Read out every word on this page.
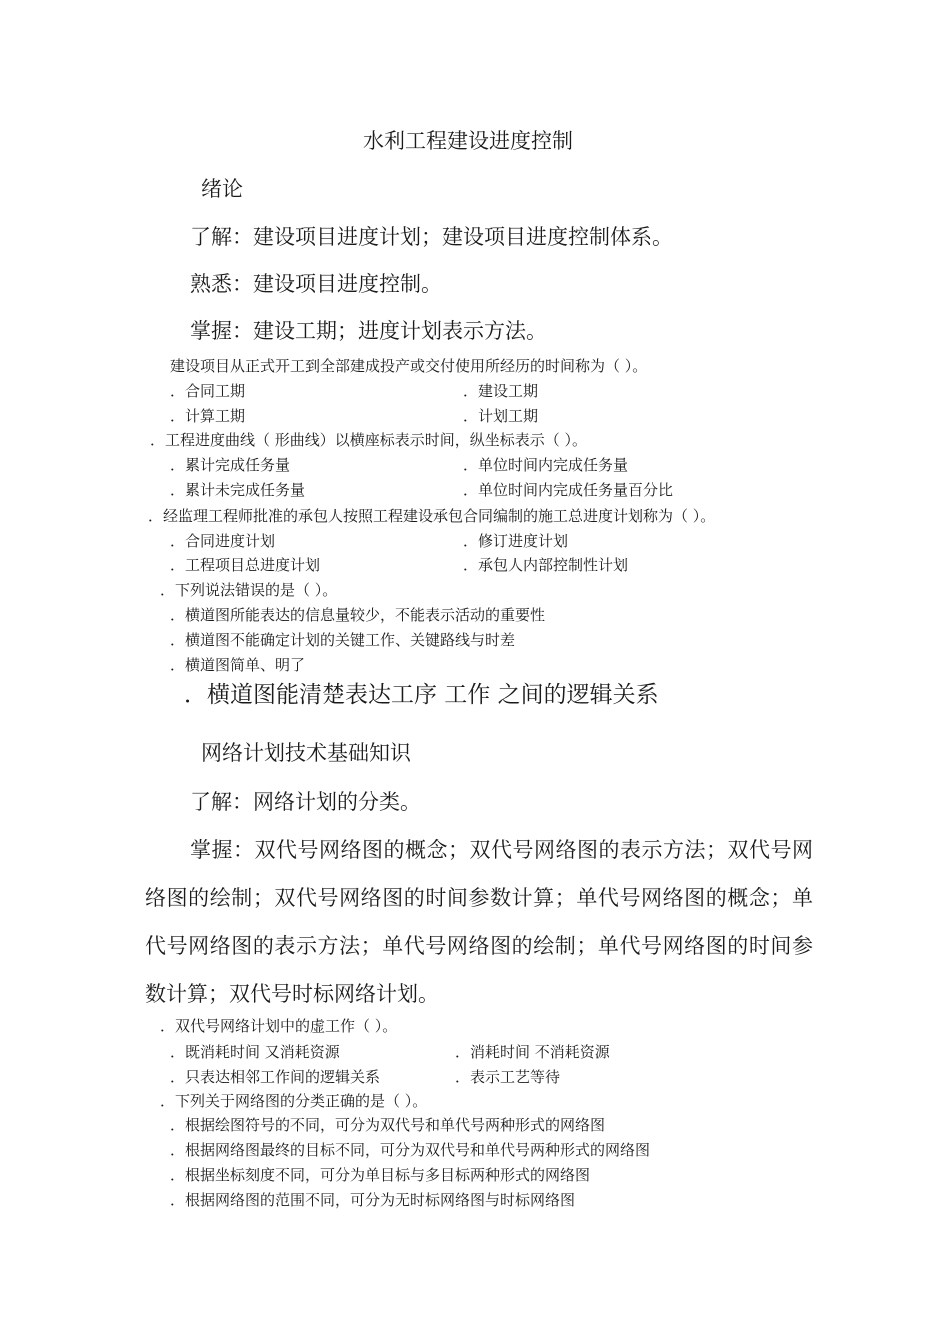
水利工程建设进度控制
绪论
了解：建设项目进度计划；建设项目进度控制体系。
熟悉：建设项目进度控制。
掌握：建设工期；进度计划表示方法。
建设项目从正式开工到全部建成投产或交付使用所经历的时间称为（ ）。
．合同工期	．建设工期
．计算工期	．计划工期
．工程进度曲线（ 形曲线）以横座标表示时间，纵坐标表示（ ）。
．累计完成任务量	．单位时间内完成任务量
．累计未完成任务量	．单位时间内完成任务量百分比
．经监理工程师批准的承包人按照工程建设承包合同编制的施工总进度计划称为（ ）。
．合同进度计划	．修订进度计划
．工程项目总进度计划	．承包人内部控制性计划
．下列说法错误的是（ ）。
．横道图所能表达的信息量较少，不能表示活动的重要性
．横道图不能确定计划的关键工作、关键路线与时差
．横道图简单、明了
．横道图能清楚表达工序 工作 之间的逻辑关系
网络计划技术基础知识
了解：网络计划的分类。
掌握：双代号网络图的概念；双代号网络图的表示方法；双代号网络图的绘制；双代号网络图的时间参数计算；单代号网络图的概念；单代号网络图的表示方法；单代号网络图的绘制；单代号网络图的时间参数计算；双代号时标网络计划。
．双代号网络计划中的虚工作（ ）。
．既消耗时间 又消耗资源	．消耗时间 不消耗资源
．只表达相邻工作间的逻辑关系	．表示工艺等待
．下列关于网络图的分类正确的是（ ）。
．根据绘图符号的不同，可分为双代号和单代号两种形式的网络图
．根据网络图最终的目标不同，可分为双代号和单代号两种形式的网络图
．根据坐标刻度不同，可分为单目标与多目标两种形式的网络图
．根据网络图的范围不同，可分为无时标网络图与时标网络图
